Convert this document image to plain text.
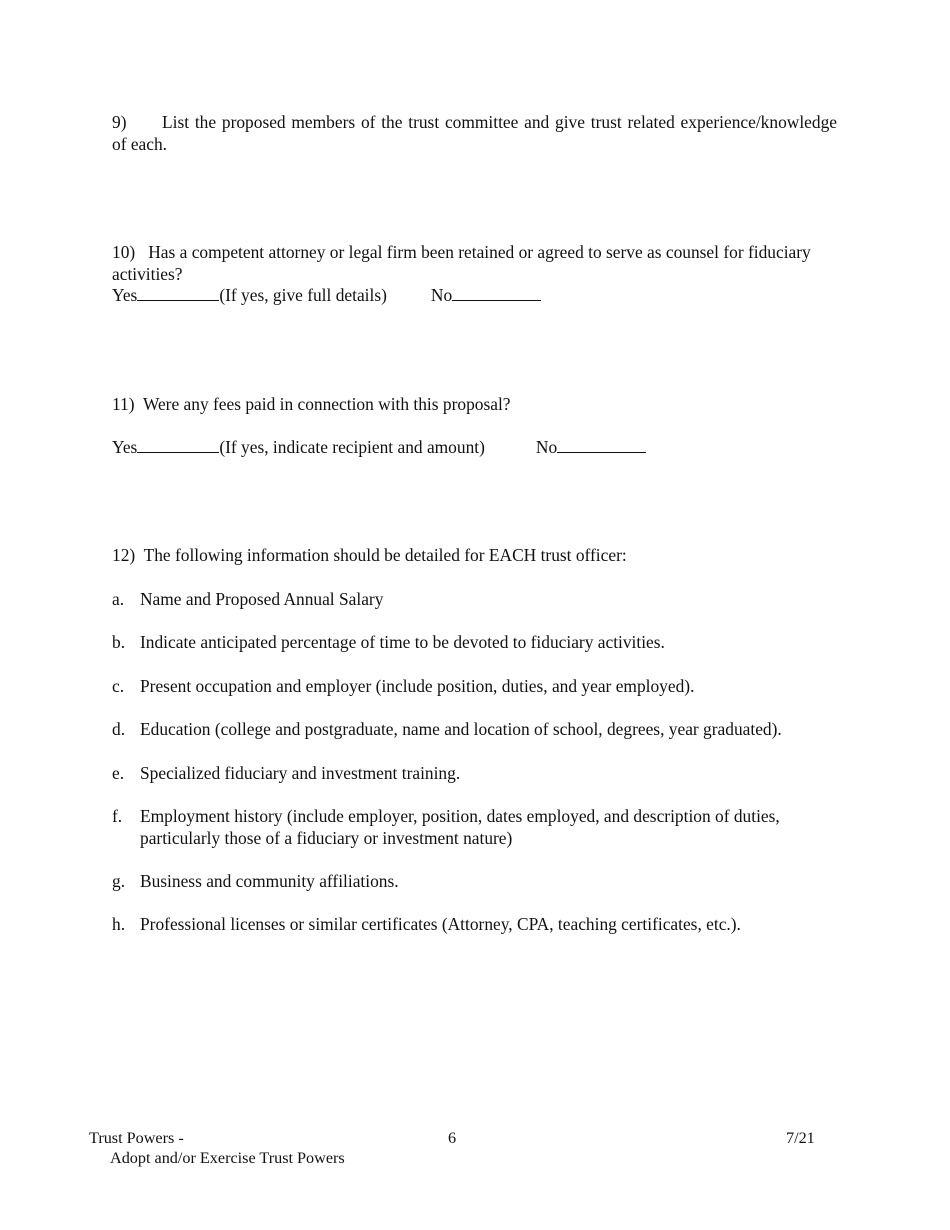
9) List the proposed members of the trust committee and give trust related experience/knowledge of each.
10) Has a competent attorney or legal firm been retained or agreed to serve as counsel for fiduciary activities?
Yes	(If yes, give full details)	No
11) Were any fees paid in connection with this proposal?
Yes	(If yes, indicate recipient and amount)	No
12) The following information should be detailed for EACH trust officer:
a. Name and Proposed Annual Salary
b. Indicate anticipated percentage of time to be devoted to fiduciary activities.
c. Present occupation and employer (include position, duties, and year employed).
d. Education (college and postgraduate, name and location of school, degrees, year graduated).
e. Specialized fiduciary and investment training.
f. Employment history (include employer, position, dates employed, and description of duties, particularly those of a fiduciary or investment nature)
g. Business and community affiliations.
h. Professional licenses or similar certificates (Attorney, CPA, teaching certificates, etc.).
Trust Powers -
Adopt and/or Exercise Trust Powers
6	7/21
